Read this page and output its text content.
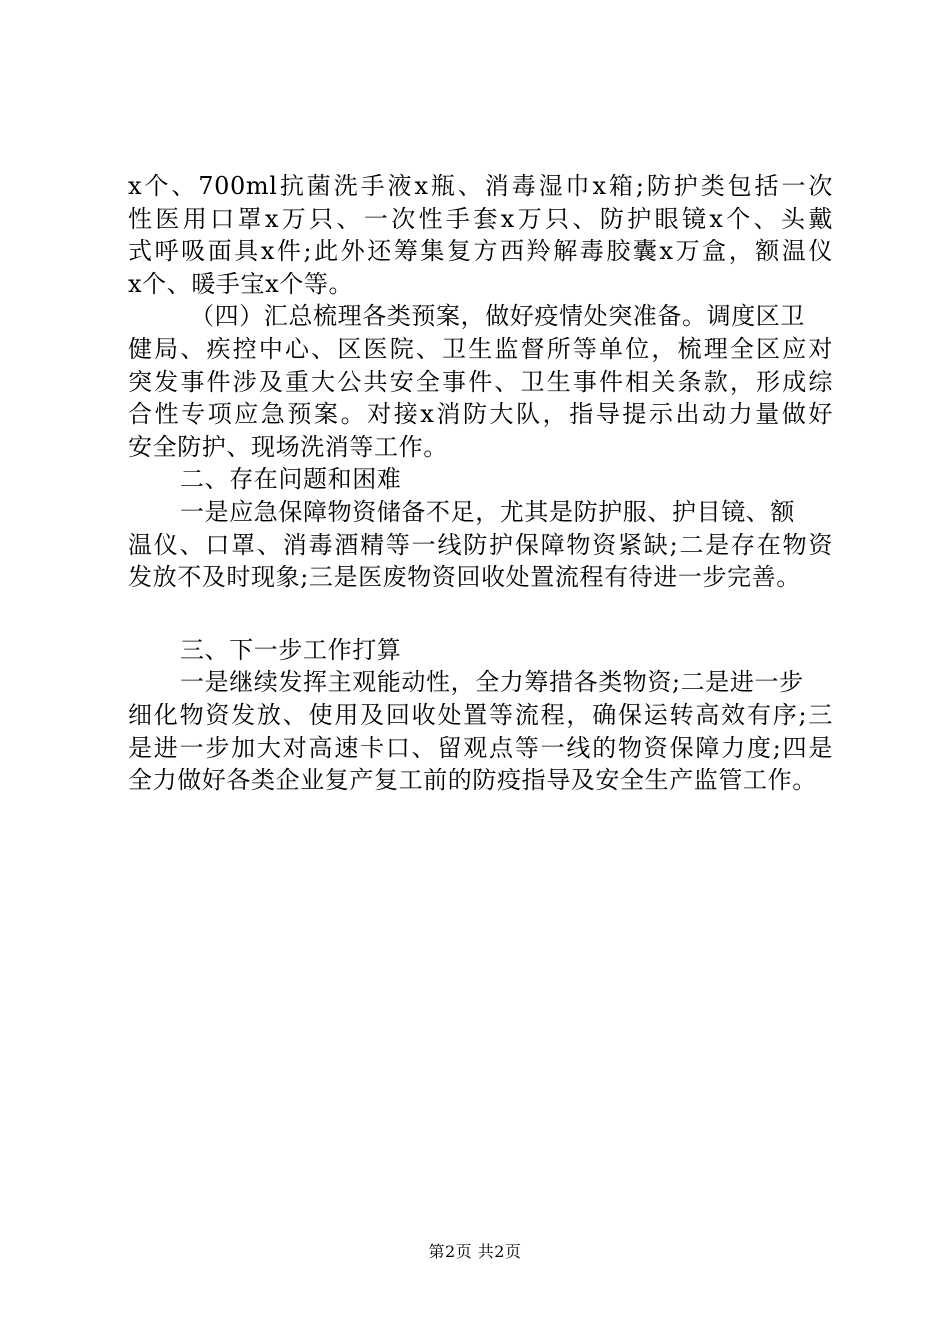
x个、700ml抗菌洗手液x瓶、消毒湿巾x箱;防护类包括一次
性医用口罩x万只、一次性手套x万只、防护眼镜x个、头戴
式呼吸面具x件;此外还筹集复方西羚解毒胶囊x万盒，额温仪
x个、暖手宝x个等。
（四）汇总梳理各类预案，做好疫情处突准备。调度区卫
健局、疾控中心、区医院、卫生监督所等单位，梳理全区应对
突发事件涉及重大公共安全事件、卫生事件相关条款，形成综
合性专项应急预案。对接x消防大队，指导提示出动力量做好
安全防护、现场洗消等工作。
二、存在问题和困难
一是应急保障物资储备不足，尤其是防护服、护目镜、额
温仪、口罩、消毒酒精等一线防护保障物资紧缺;二是存在物资
发放不及时现象;三是医废物资回收处置流程有待进一步完善。
三、下一步工作打算
一是继续发挥主观能动性，全力筹措各类物资;二是进一步
细化物资发放、使用及回收处置等流程，确保运转高效有序;三
是进一步加大对高速卡口、留观点等一线的物资保障力度;四是
全力做好各类企业复产复工前的防疫指导及安全生产监管工作。
第2页 共2页
